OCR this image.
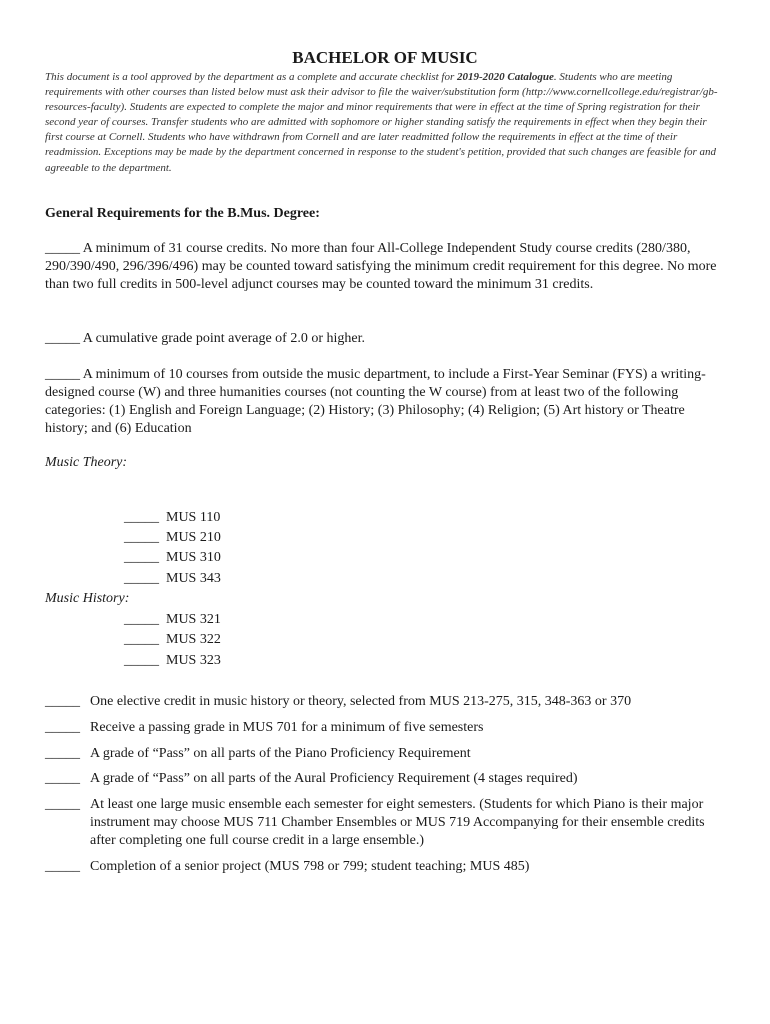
BACHELOR OF MUSIC
This document is a tool approved by the department as a complete and accurate checklist for 2019-2020 Catalogue. Students who are meeting requirements with other courses than listed below must ask their advisor to file the waiver/substitution form (http://www.cornellcollege.edu/registrar/gb-resources-faculty). Students are expected to complete the major and minor requirements that were in effect at the time of Spring registration for their second year of courses. Transfer students who are admitted with sophomore or higher standing satisfy the requirements in effect when they begin their first course at Cornell. Students who have withdrawn from Cornell and are later readmitted follow the requirements in effect at the time of their readmission. Exceptions may be made by the department concerned in response to the student's petition, provided that such changes are feasible for and agreeable to the department.
General Requirements for the B.Mus. Degree:
_____ A minimum of 31 course credits. No more than four All-College Independent Study course credits (280/380, 290/390/490, 296/396/496) may be counted toward satisfying the minimum credit requirement for this degree. No more than two full credits in 500-level adjunct courses may be counted toward the minimum 31 credits.
_____ A cumulative grade point average of 2.0 or higher.
_____ A minimum of 10 courses from outside the music department, to include a First-Year Seminar (FYS) a writing-designed course (W) and three humanities courses (not counting the W course) from at least two of the following categories: (1) English and Foreign Language; (2) History; (3) Philosophy; (4) Religion; (5) Art history or Theatre history; and (6) Education
Music Theory:
_____ MUS 110
_____ MUS 210
_____ MUS 310
_____ MUS 343
Music History:
_____ MUS 321
_____ MUS 322
_____ MUS 323
_____ One elective credit in music history or theory, selected from MUS 213-275, 315, 348-363 or 370
_____ Receive a passing grade in MUS 701 for a minimum of five semesters
_____ A grade of “Pass” on all parts of the Piano Proficiency Requirement
_____ A grade of “Pass” on all parts of the Aural Proficiency Requirement (4 stages required)
_____ At least one large music ensemble each semester for eight semesters. (Students for which Piano is their major instrument may choose MUS 711 Chamber Ensembles or MUS 719 Accompanying for their ensemble credits after completing one full course credit in a large ensemble.)
_____ Completion of a senior project (MUS 798 or 799; student teaching; MUS 485)
